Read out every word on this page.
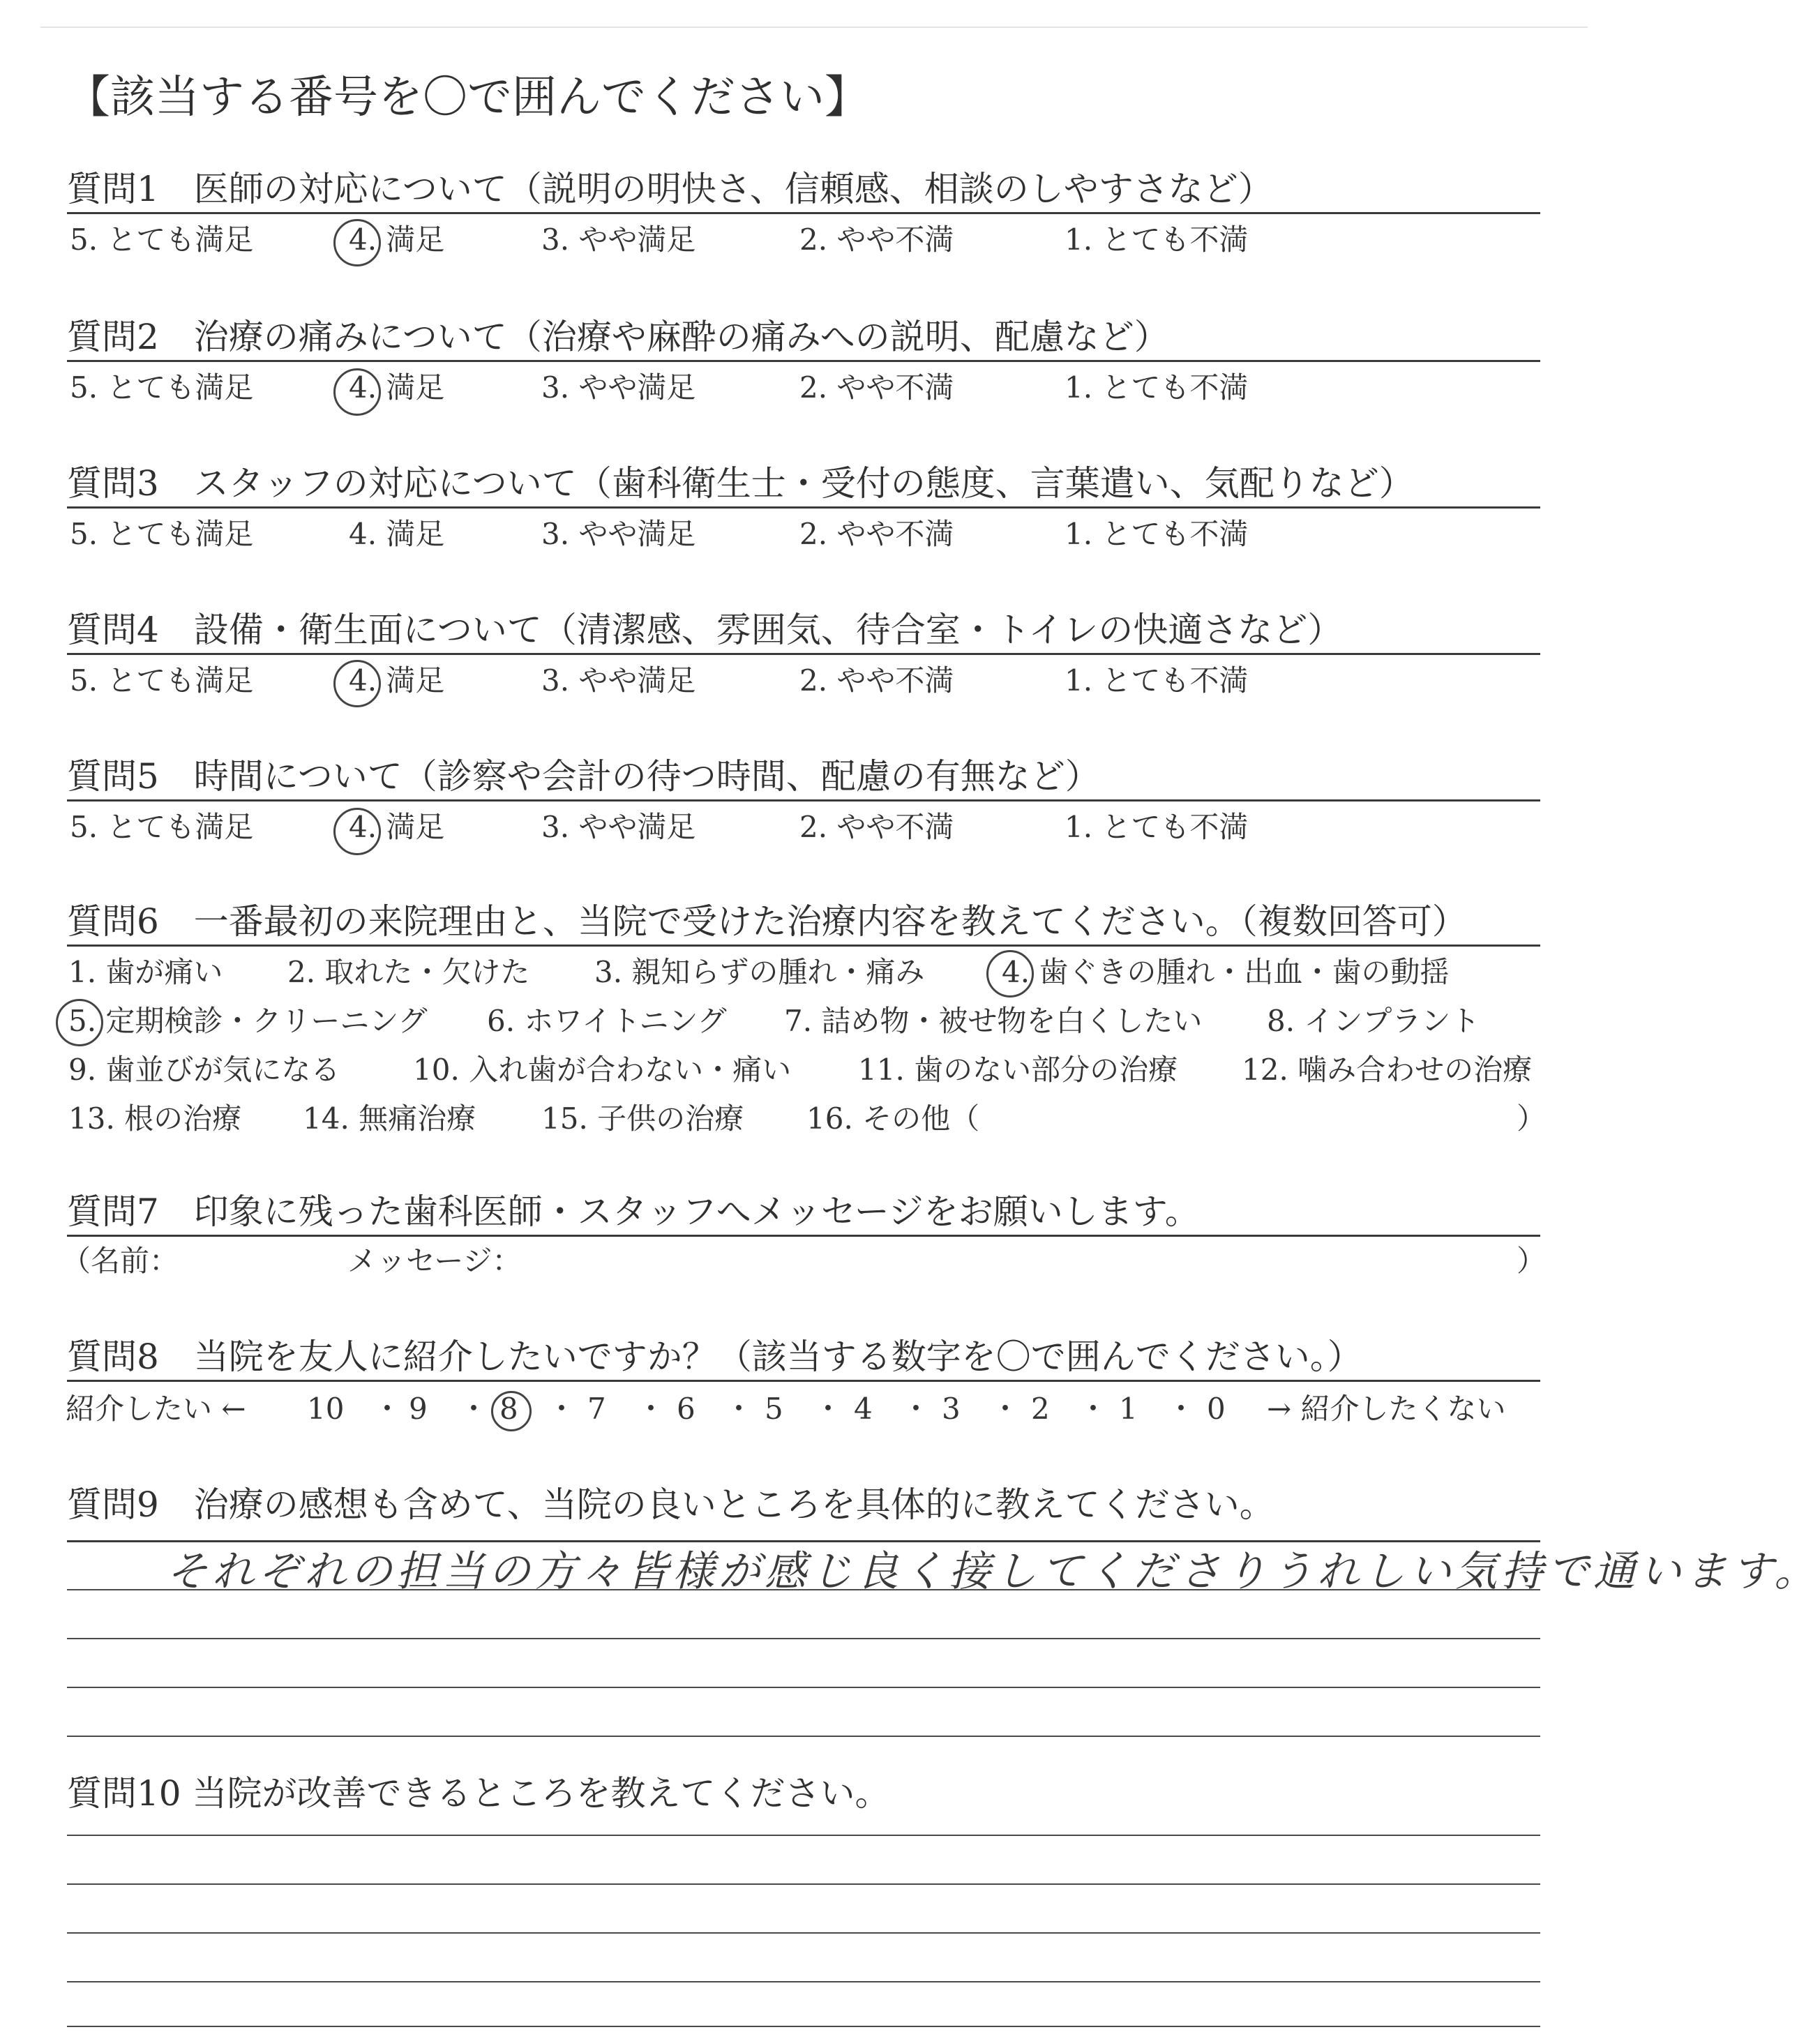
【該当する番号を〇で囲んでください】
質問1　医師の対応について（説明の明快さ、信頼感、相談のしやすさなど）
5. とても満足	4. 満足	3. やや満足	2. やや不満	1. とても不満
質問2　治療の痛みについて（治療や麻酔の痛みへの説明、配慮など）
5. とても満足	4. 満足	3. やや満足	2. やや不満	1. とても不満
質問3　スタッフの対応について（歯科衛生士・受付の態度、言葉遣い、気配りなど）
5. とても満足	4. 満足	3. やや満足	2. やや不満	1. とても不満
質問4　設備・衛生面について（清潔感、雰囲気、待合室・トイレの快適さなど）
5. とても満足	4. 満足	3. やや満足	2. やや不満	1. とても不満
質問5　時間について（診察や会計の待つ時間、配慮の有無など）
5. とても満足	4. 満足	3. やや満足	2. やや不満	1. とても不満
質問6　一番最初の来院理由と、当院で受けた治療内容を教えてください。（複数回答可）
1. 歯が痛い 2. 取れた・欠けた 3. 親知らずの腫れ・痛み	4. 歯ぐきの腫れ・出血・歯の動揺
5. 定期検診・クリーニング 6. ホワイトニング 7. 詰め物・被せ物を白くしたい 8. インプラント
9. 歯並びが気になる 10. 入れ歯が合わない・痛い 11. 歯のない部分の治療 12. 噛み合わせの治療
13. 根の治療 14. 無痛治療 15. 子供の治療 16. その他（	）
質問7　印象に残った歯科医師・スタッフへメッセージをお願いします。
（名前：	メッセージ：	）
質問8　当院を友人に紹介したいですか？（該当する数字を〇で囲んでください。）
紹介したい ← 10 9 8 7 6 5 4 3 2 1 0
・ ・ ・ ・ ・ ・ ・ ・ ・ ・ → 紹介したくない
質問9　治療の感想も含めて、当院の良いところを具体的に教えてください。
それぞれの担当の方々皆様が感じ良く接してくださりうれしい気持で通います。
質問10 当院が改善できるところを教えてください。
